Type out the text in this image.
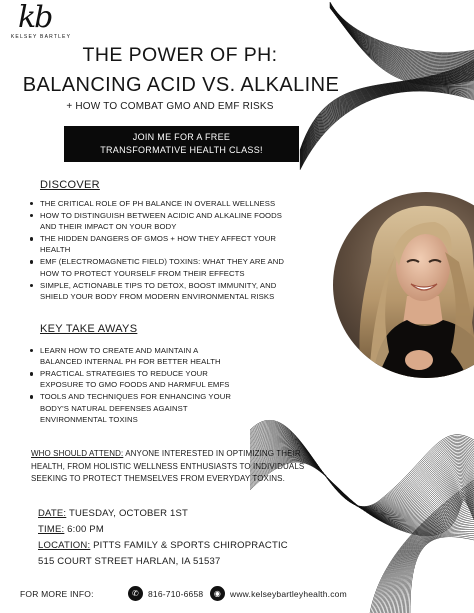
kb
KELSEY BARTLEY
THE POWER OF PH:
BALANCING ACID VS. ALKALINE
+ HOW TO COMBAT GMO AND EMF RISKS
JOIN ME FOR A FREE
TRANSFORMATIVE HEALTH CLASS!
DISCOVER
THE CRITICAL ROLE OF PH BALANCE IN OVERALL WELLNESS
HOW TO DISTINGUISH BETWEEN ACIDIC AND ALKALINE FOODS AND THEIR IMPACT ON YOUR BODY
THE HIDDEN DANGERS OF GMOS + HOW THEY AFFECT YOUR HEALTH
EMF (ELECTROMAGNETIC FIELD) TOXINS: WHAT THEY ARE AND HOW TO PROTECT YOURSELF FROM THEIR EFFECTS
SIMPLE, ACTIONABLE TIPS TO DETOX, BOOST IMMUNITY, AND SHIELD YOUR BODY FROM MODERN ENVIRONMENTAL RISKS
KEY TAKE AWAYS
LEARN HOW TO CREATE AND MAINTAIN A BALANCED INTERNAL PH FOR BETTER HEALTH
PRACTICAL STRATEGIES TO REDUCE YOUR EXPOSURE TO GMO FOODS AND HARMFUL EMFS
TOOLS AND TECHNIQUES FOR ENHANCING YOUR BODY'S NATURAL DEFENSES AGAINST ENVIRONMENTAL TOXINS
WHO SHOULD ATTEND: ANYONE INTERESTED IN OPTIMIZING THEIR HEALTH, FROM HOLISTIC WELLNESS ENTHUSIASTS TO INDIVIDUALS SEEKING TO PROTECT THEMSELVES FROM EVERYDAY TOXINS.
DATE: TUESDAY, OCTOBER 1ST
TIME: 6:00 PM
LOCATION: PITTS FAMILY & SPORTS CHIROPRACTIC
515 COURT STREET HARLAN, IA 51537
FOR MORE INFO:	✆	816-710-6658	◉	www.kelseybartleyhealth.com
